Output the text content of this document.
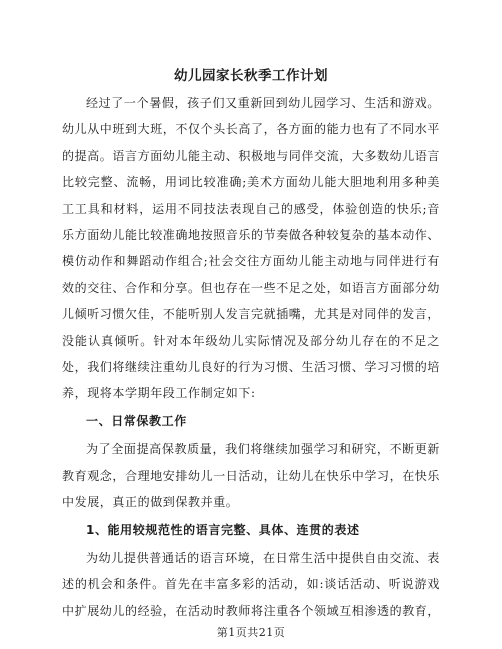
幼儿园家长秋季工作计划

经过了一个暑假，孩子们又重新回到幼儿园学习、生活和游戏。幼儿从中班到大班，不仅个头长高了，各方面的能力也有了不同水平的提高。语言方面幼儿能主动、积极地与同伴交流，大多数幼儿语言比较完整、流畅，用词比较准确;美术方面幼儿能大胆地利用多种美工工具和材料，运用不同技法表现自己的感受，体验创造的快乐;音乐方面幼儿能比较准确地按照音乐的节奏做各种较复杂的基本动作、模仿动作和舞蹈动作组合;社会交往方面幼儿能主动地与同伴进行有效的交往、合作和分享。但也存在一些不足之处，如语言方面部分幼儿倾听习惯欠佳，不能听别人发言完就插嘴，尤其是对同伴的发言，没能认真倾听。针对本年级幼儿实际情况及部分幼儿存在的不足之处，我们将继续注重幼儿良好的行为习惯、生活习惯、学习习惯的培养，现将本学期年段工作制定如下:

一、日常保教工作

为了全面提高保教质量，我们将继续加强学习和研究，不断更新教育观念，合理地安排幼儿一日活动，让幼儿在快乐中学习，在快乐中发展，真正的做到保教并重。

1、能用较规范性的语言完整、具体、连贯的表述

为幼儿提供普通话的语言环境，在日常生活中提供自由交流、表述的机会和条件。首先在丰富多彩的活动，如:谈话活动、听说游戏中扩展幼儿的经验，在活动时教师将注重各个领域互相渗透的教育，

第1页共21页
